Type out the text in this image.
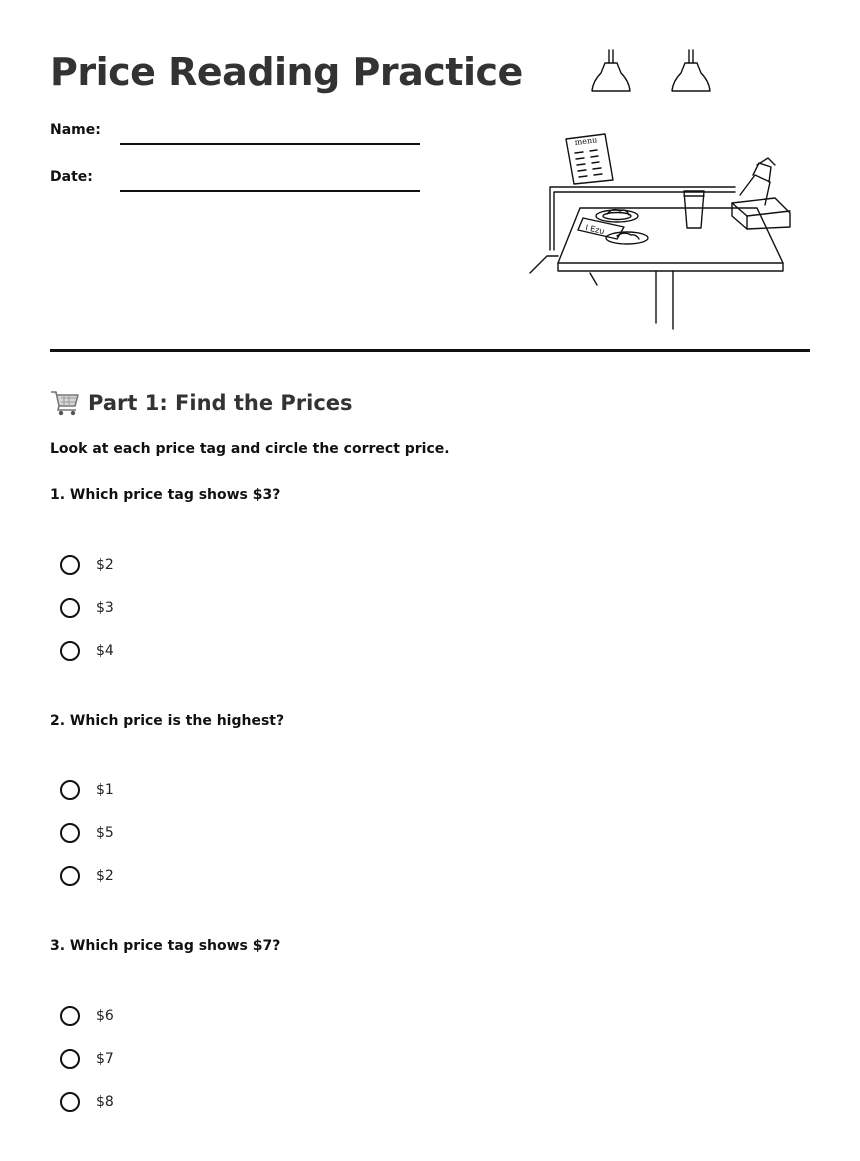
Price Reading Practice
Name:
Date:
menu
I Ezu
Part 1: Find the Prices
Look at each price tag and circle the correct price.
1. Which price tag shows $3?
$2
$3
$4
2. Which price is the highest?
$1
$5
$2
3. Which price tag shows $7?
$6
$7
$8
